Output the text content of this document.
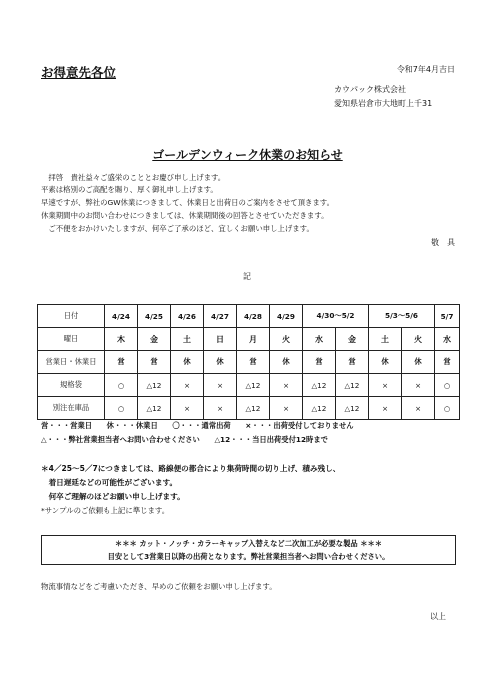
お得意先各位	令和7年4月吉日
カウパック株式会社
愛知県岩倉市大地町上千31
ゴールデンウィーク休業のお知らせ
　拝啓　貴社益々ご盛栄のこととお慶び申し上げます。
平素は格別のご高配を賜り、厚く御礼申し上げます。
早速ですが、弊社のGW休業につきまして、休業日と出荷日のご案内をさせて頂きます。
休業期間中のお問い合わせにつきましては、休業期間後の回答とさせていただきます。
　ご不便をおかけいたしますが、何卒ご了承のほど、宜しくお願い申し上げます。
敬　具
記
日付	4/24	4/25	4/26	4/27	4/28	4/29	4/30～5/2		5/3～5/6		5/7
曜日	木	金	土	日	月	火	水	金	土	火	水
営業日・休業日	営	営	休	休	営	休	営	営	休	休	営
規格袋	○	△12	×	×	△12	×	△12	△12	×	×	○
別注在庫品	○	△12	×	×	△12	×	△12	△12	×	×	○
営・・・営業日　　休・・・休業日　　〇・・・通常出荷　　×・・・出荷受付しておりません
△・・・弊社営業担当者へお問い合わせください　　△12・・・当日出荷受付12時まで
＊4／25～5／7につきましては、路線便の都合により集荷時間の切り上げ、積み残し、
　着日遅延などの可能性がございます。
　何卒ご理解のほどお願い申し上げます。
*サンプルのご依頼も上記に準じます。
＊＊＊ カット・ノッチ・カラーキャップ入替えなど二次加工が必要な製品 ＊＊＊
目安として3営業日以降の出荷となります。弊社営業担当者へお問い合わせください。
物流事情などをご考慮いただき、早めのご依頼をお願い申し上げます。
以上
